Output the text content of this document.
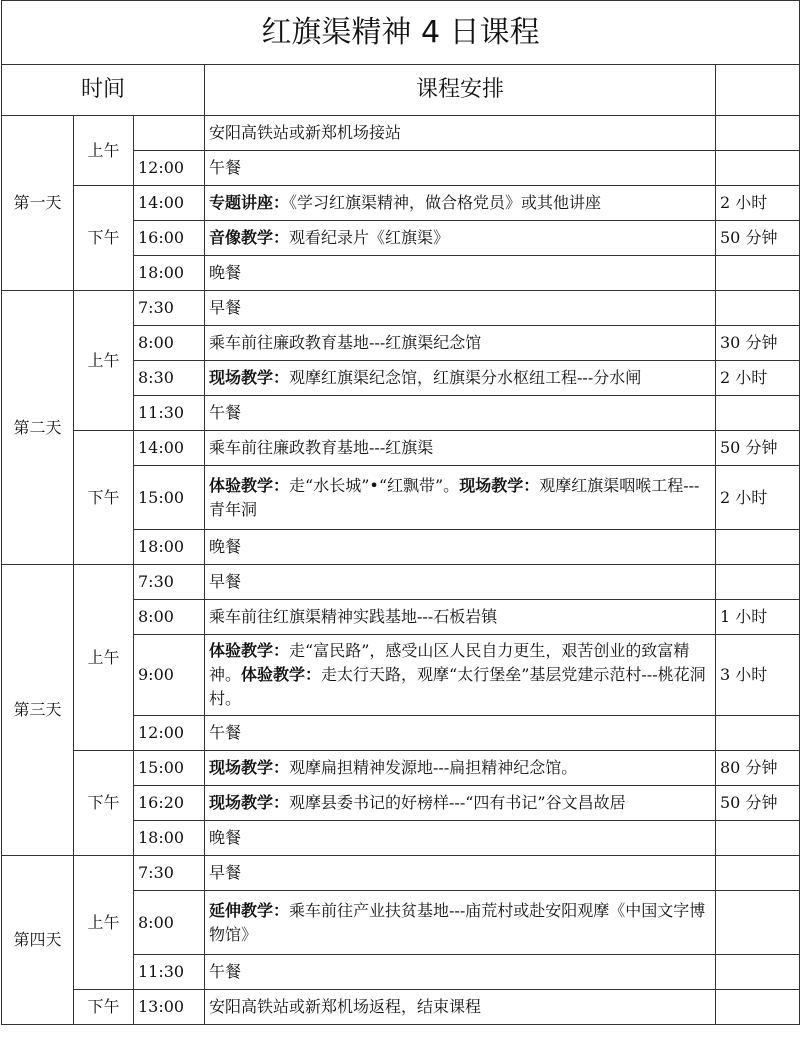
红旗渠精神 4 日课程				
时间			课程安排	
第一天	上午		安阳高铁站或新郑机场接站	
		12:00	午餐	
	下午	14:00	专题讲座：《学习红旗渠精神，做合格党员》或其他讲座	2 小时
		16:00	音像教学：观看纪录片《红旗渠》	50 分钟
		18:00	晚餐	
第二天	上午	7:30	早餐	
		8:00	乘车前往廉政教育基地---红旗渠纪念馆	30 分钟
		8:30	现场教学：观摩红旗渠纪念馆，红旗渠分水枢纽工程---分水闸	2 小时
		11:30	午餐	
	下午	14:00	乘车前往廉政教育基地---红旗渠	50 分钟
		15:00	体验教学：走“水长城”•“红飘带”。现场教学：观摩红旗渠咽喉工程---青年洞	2 小时
		18:00	晚餐	
第三天	上午	7:30	早餐	
		8:00	乘车前往红旗渠精神实践基地---石板岩镇	1 小时
		9:00	体验教学：走“富民路”，感受山区人民自力更生，艰苦创业的致富精神。体验教学：走太行天路，观摩“太行堡垒”基层党建示范村---桃花洞村。	3 小时
		12:00	午餐	
	下午	15:00	现场教学：观摩扁担精神发源地---扁担精神纪念馆。	80 分钟
		16:20	现场教学：观摩县委书记的好榜样---“四有书记”谷文昌故居	50 分钟
		18:00	晚餐	
第四天	上午	7:30	早餐	
		8:00	延伸教学：乘车前往产业扶贫基地---庙荒村或赴安阳观摩《中国文字博物馆》	
		11:30	午餐	
	下午	13:00	安阳高铁站或新郑机场返程，结束课程	
